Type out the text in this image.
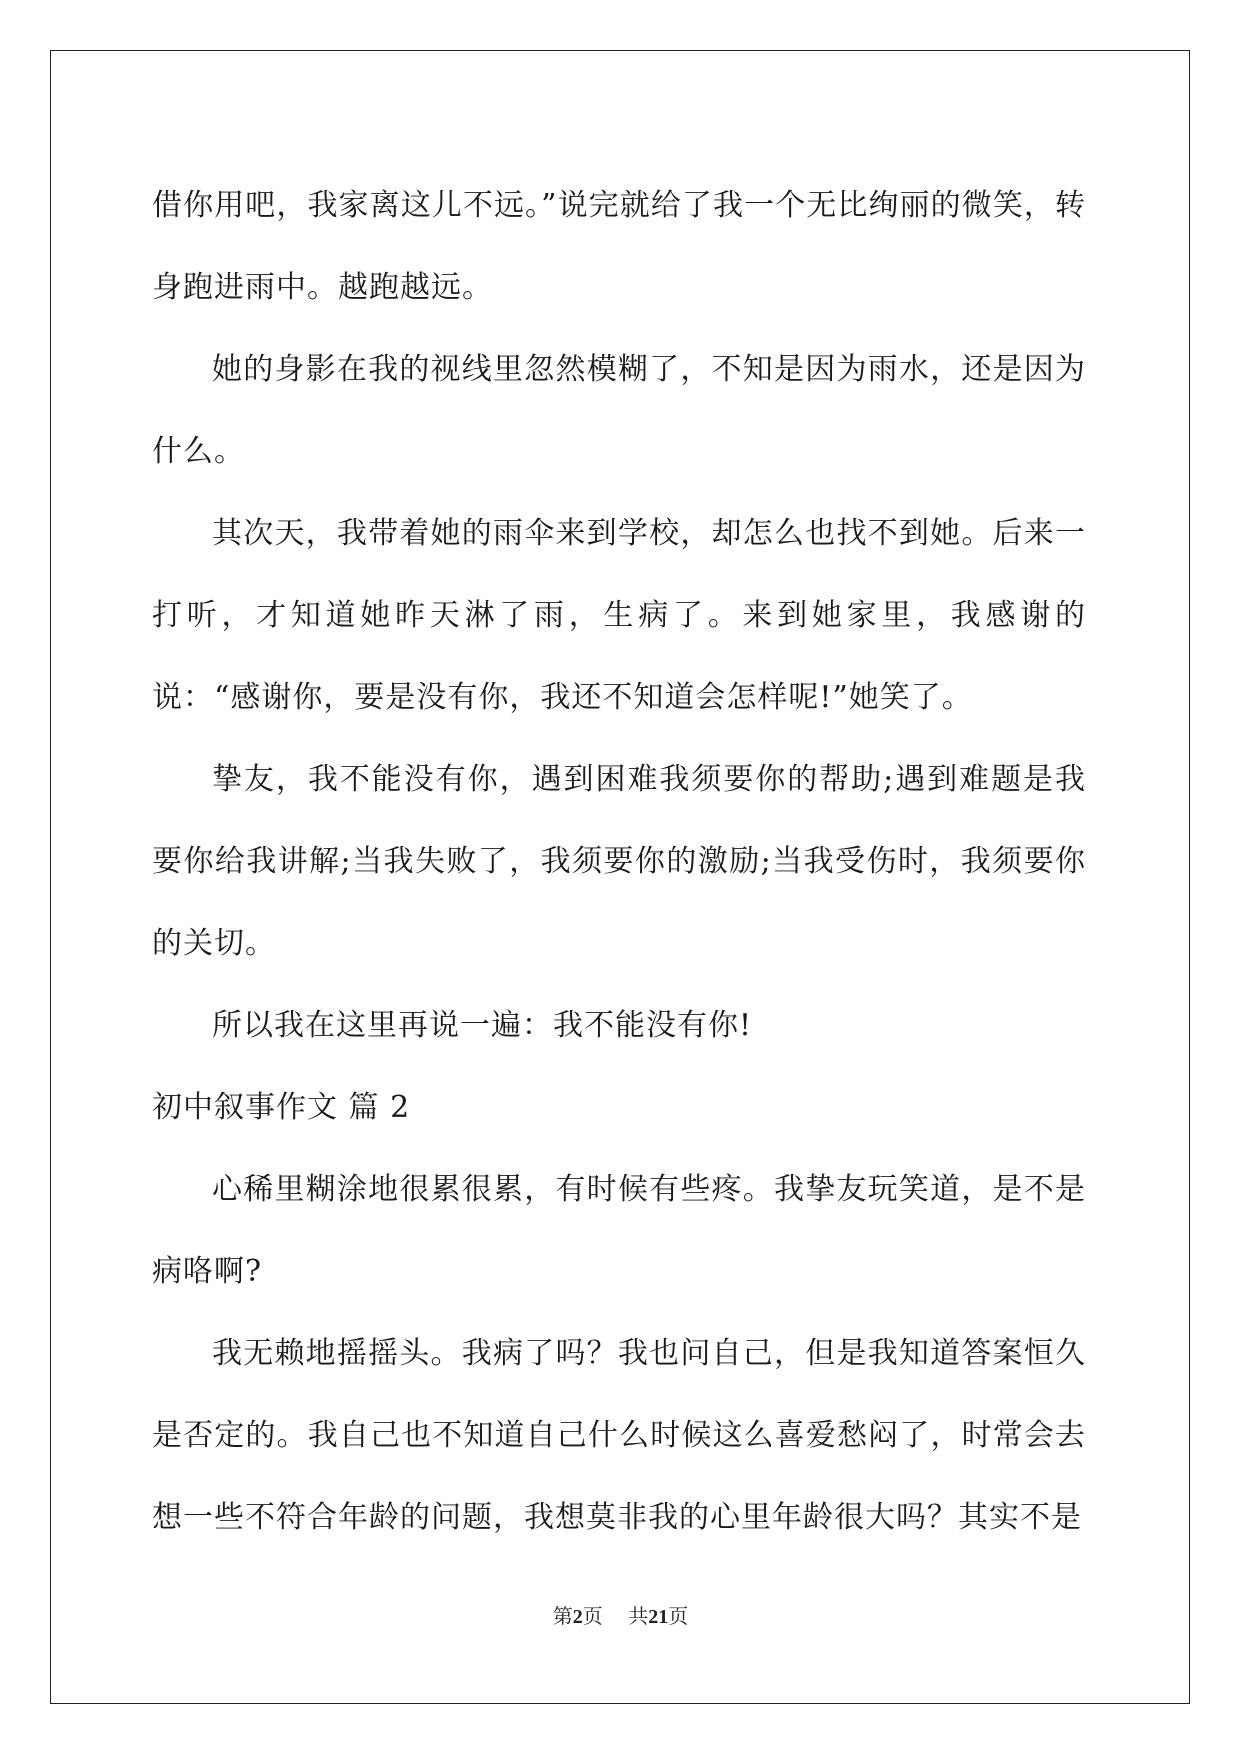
借你用吧，我家离这儿不远。”说完就给了我一个无比绚丽的微笑，转身跑进雨中。越跑越远。

她的身影在我的视线里忽然模糊了，不知是因为雨水，还是因为什么。

其次天，我带着她的雨伞来到学校，却怎么也找不到她。后来一打听，才知道她昨天淋了雨，生病了。来到她家里，我感谢的说：“感谢你，要是没有你，我还不知道会怎样呢!”她笑了。

挚友，我不能没有你，遇到困难我须要你的帮助;遇到难题是我要你给我讲解;当我失败了，我须要你的激励;当我受伤时，我须要你的关切。

所以我在这里再说一遍：我不能没有你!

初中叙事作文 篇 2

心稀里糊涂地很累很累，有时候有些疼。我挚友玩笑道，是不是病咯啊?

我无赖地摇摇头。我病了吗？我也问自己，但是我知道答案恒久是否定的。我自己也不知道自己什么时候这么喜爱愁闷了，时常会去想一些不符合年龄的问题，我想莫非我的心里年龄很大吗？其实不是

第2页 共21页
